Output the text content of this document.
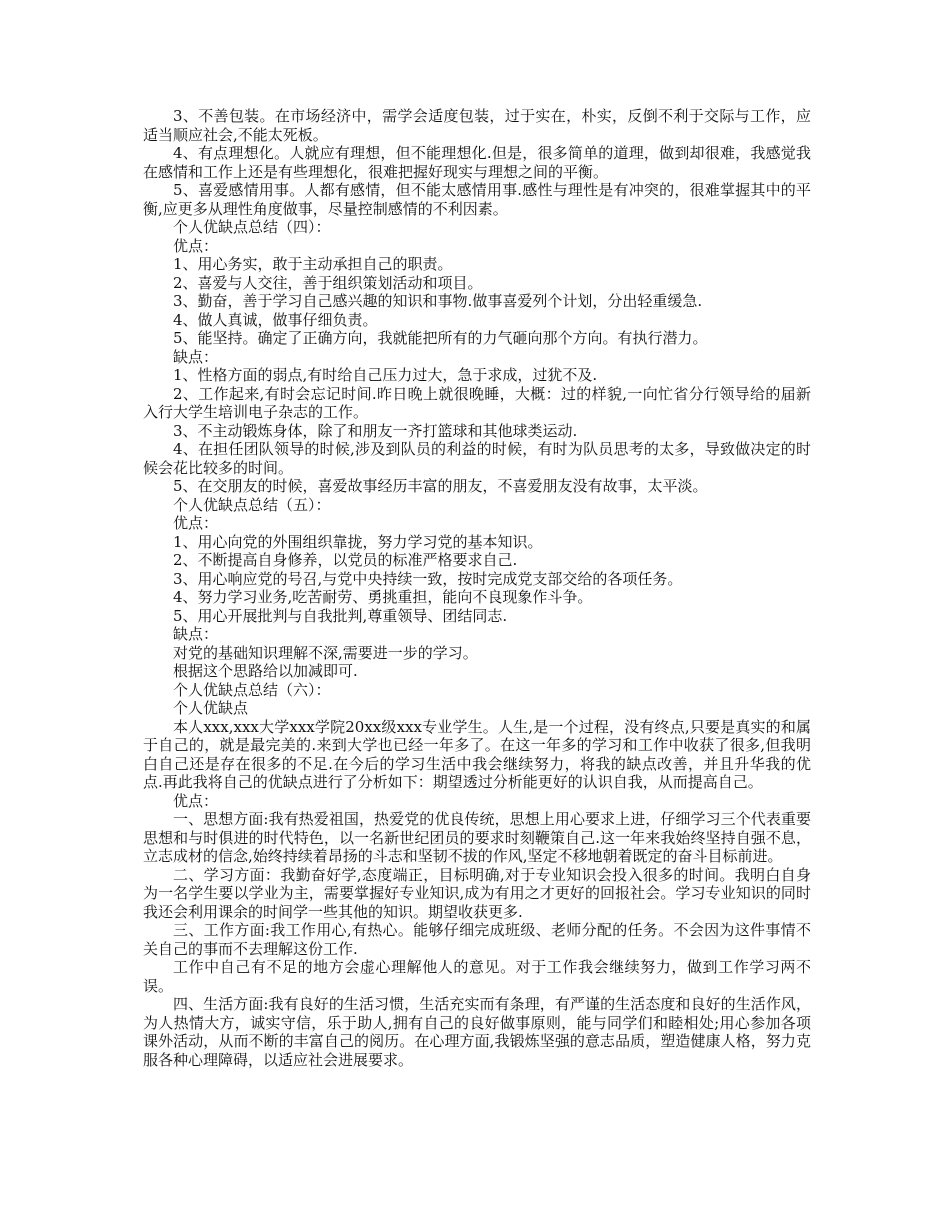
3、不善包装。在市场经济中，需学会适度包装，过于实在，朴实，反倒不利于交际与工作，应适当顺应社会,不能太死板。

4、有点理想化。人就应有理想，但不能理想化.但是，很多简单的道理，做到却很难，我感觉我在感情和工作上还是有些理想化，很难把握好现实与理想之间的平衡。

5、喜爱感情用事。人都有感情，但不能太感情用事.感性与理性是有冲突的，很难掌握其中的平衡,应更多从理性角度做事，尽量控制感情的不利因素。

个人优缺点总结（四）：

优点：

1、用心务实，敢于主动承担自己的职责。

2、喜爱与人交往，善于组织策划活动和项目。

3、勤奋，善于学习自己感兴趣的知识和事物.做事喜爱列个计划，分出轻重缓急.

4、做人真诚，做事仔细负责。

5、能坚持。确定了正确方向，我就能把所有的力气砸向那个方向。有执行潜力。

缺点：

1、性格方面的弱点,有时给自己压力过大，急于求成，过犹不及.

2、工作起来,有时会忘记时间.昨日晚上就很晚睡，大概：过的样貌,一向忙省分行领导给的届新入行大学生培训电子杂志的工作。

3、不主动锻炼身体，除了和朋友一齐打篮球和其他球类运动.

4、在担任团队领导的时候,涉及到队员的利益的时候，有时为队员思考的太多，导致做决定的时候会花比较多的时间。

5、在交朋友的时候，喜爱故事经历丰富的朋友，不喜爱朋友没有故事，太平淡。

个人优缺点总结（五）：

优点：

1、用心向党的外围组织靠拢，努力学习党的基本知识。

2、不断提高自身修养，以党员的标准严格要求自己.

3、用心响应党的号召,与党中央持续一致，按时完成党支部交给的各项任务。

4、努力学习业务,吃苦耐劳、勇挑重担，能向不良现象作斗争。

5、用心开展批判与自我批判,尊重领导、团结同志.

缺点：

对党的基础知识理解不深,需要进一步的学习。

根据这个思路给以加减即可.

个人优缺点总结（六）：

个人优缺点

本人xxx,xxx大学xxx学院20xx级xxx专业学生。人生,是一个过程，没有终点,只要是真实的和属于自己的，就是最完美的.来到大学也已经一年多了。在这一年多的学习和工作中收获了很多,但我明白自己还是存在很多的不足.在今后的学习生活中我会继续努力，将我的缺点改善，并且升华我的优点.再此我将自己的优缺点进行了分析如下：期望透过分析能更好的认识自我，从而提高自己。

优点：

一、思想方面:我有热爱祖国，热爱党的优良传统，思想上用心要求上进，仔细学习三个代表重要思想和与时俱进的时代特色，以一名新世纪团员的要求时刻鞭策自己.这一年来我始终坚持自强不息，立志成材的信念,始终持续着昂扬的斗志和坚韧不拔的作风,坚定不移地朝着既定的奋斗目标前进。

二、学习方面：我勤奋好学,态度端正，目标明确,对于专业知识会投入很多的时间。我明白自身为一名学生要以学业为主，需要掌握好专业知识,成为有用之才更好的回报社会。学习专业知识的同时我还会利用课余的时间学一些其他的知识。期望收获更多.

三、工作方面:我工作用心,有热心。能够仔细完成班级、老师分配的任务。不会因为这件事情不关自己的事而不去理解这份工作.

工作中自己有不足的地方会虚心理解他人的意见。对于工作我会继续努力，做到工作学习两不误。

四、生活方面:我有良好的生活习惯，生活充实而有条理，有严谨的生活态度和良好的生活作风，为人热情大方，诚实守信，乐于助人,拥有自己的良好做事原则，能与同学们和睦相处;用心参加各项课外活动，从而不断的丰富自己的阅历。在心理方面,我锻炼坚强的意志品质，塑造健康人格，努力克服各种心理障碍，以适应社会进展要求。
